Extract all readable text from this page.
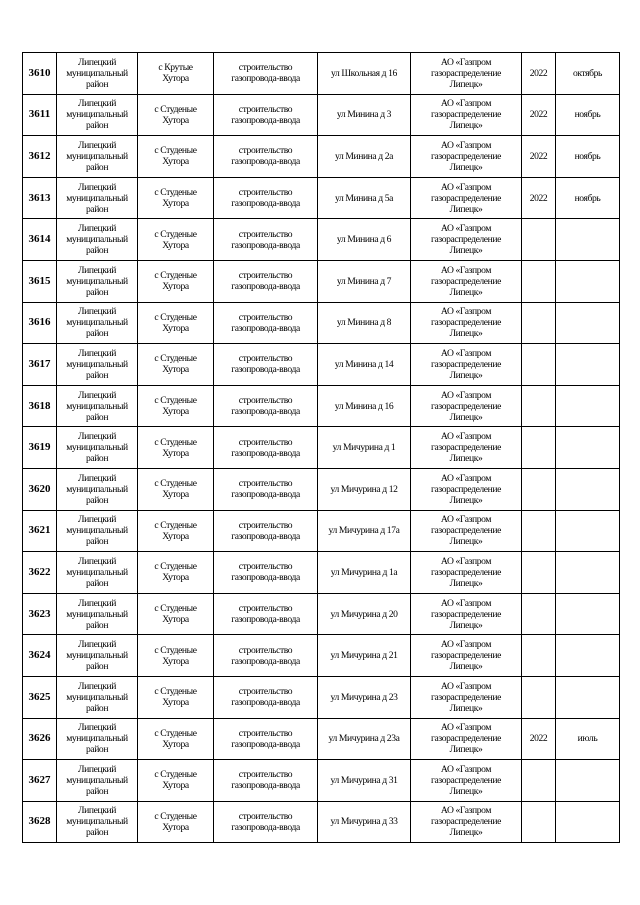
3610	Липецкий
муниципальный
район	с Крутые
Хутора	строительство
газопровода-ввода	ул Школьная д 16	АО «Газпром
газораспределение
Липецк»	2022	октябрь
3611	Липецкий
муниципальный
район	с Студеные
Хутора	строительство
газопровода-ввода	ул Минина д 3	АО «Газпром
газораспределение
Липецк»	2022	ноябрь
3612	Липецкий
муниципальный
район	с Студеные
Хутора	строительство
газопровода-ввода	ул Минина д 2а	АО «Газпром
газораспределение
Липецк»	2022	ноябрь
3613	Липецкий
муниципальный
район	с Студеные
Хутора	строительство
газопровода-ввода	ул Минина д 5а	АО «Газпром
газораспределение
Липецк»	2022	ноябрь
3614	Липецкий
муниципальный
район	с Студеные
Хутора	строительство
газопровода-ввода	ул Минина д 6	АО «Газпром
газораспределение
Липецк»		

3615	Липецкий
муниципальный
район	с Студеные
Хутора	строительство
газопровода-ввода	ул Минина д 7	АО «Газпром
газораспределение
Липецк»		

3616	Липецкий
муниципальный
район	с Студеные
Хутора	строительство
газопровода-ввода	ул Минина д 8	АО «Газпром
газораспределение
Липецк»		

3617	Липецкий
муниципальный
район	с Студеные
Хутора	строительство
газопровода-ввода	ул Минина д 14	АО «Газпром
газораспределение
Липецк»		

3618	Липецкий
муниципальный
район	с Студеные
Хутора	строительство
газопровода-ввода	ул Минина д 16	АО «Газпром
газораспределение
Липецк»		

3619	Липецкий
муниципальный
район	с Студеные
Хутора	строительство
газопровода-ввода	ул Мичурина д 1	АО «Газпром
газораспределение
Липецк»		

3620	Липецкий
муниципальный
район	с Студеные
Хутора	строительство
газопровода-ввода	ул Мичурина д 12	АО «Газпром
газораспределение
Липецк»		

3621	Липецкий
муниципальный
район	с Студеные
Хутора	строительство
газопровода-ввода	ул Мичурина д 17а	АО «Газпром
газораспределение
Липецк»		

3622	Липецкий
муниципальный
район	с Студеные
Хутора	строительство
газопровода-ввода	ул Мичурина д 1а	АО «Газпром
газораспределение
Липецк»		

3623	Липецкий
муниципальный
район	с Студеные
Хутора	строительство
газопровода-ввода	ул Мичурина д 20	АО «Газпром
газораспределение
Липецк»		

3624	Липецкий
муниципальный
район	с Студеные
Хутора	строительство
газопровода-ввода	ул Мичурина д 21	АО «Газпром
газораспределение
Липецк»		

3625	Липецкий
муниципальный
район	с Студеные
Хутора	строительство
газопровода-ввода	ул Мичурина д 23	АО «Газпром
газораспределение
Липецк»		

3626	Липецкий
муниципальный
район	с Студеные
Хутора	строительство
газопровода-ввода	ул Мичурина д 23а	АО «Газпром
газораспределение
Липецк»	2022	июль
3627	Липецкий
муниципальный
район	с Студеные
Хутора	строительство
газопровода-ввода	ул Мичурина д 31	АО «Газпром
газораспределение
Липецк»		

3628	Липецкий
муниципальный
район	с Студеные
Хутора	строительство
газопровода-ввода	ул Мичурина д 33	АО «Газпром
газораспределение
Липецк»		
